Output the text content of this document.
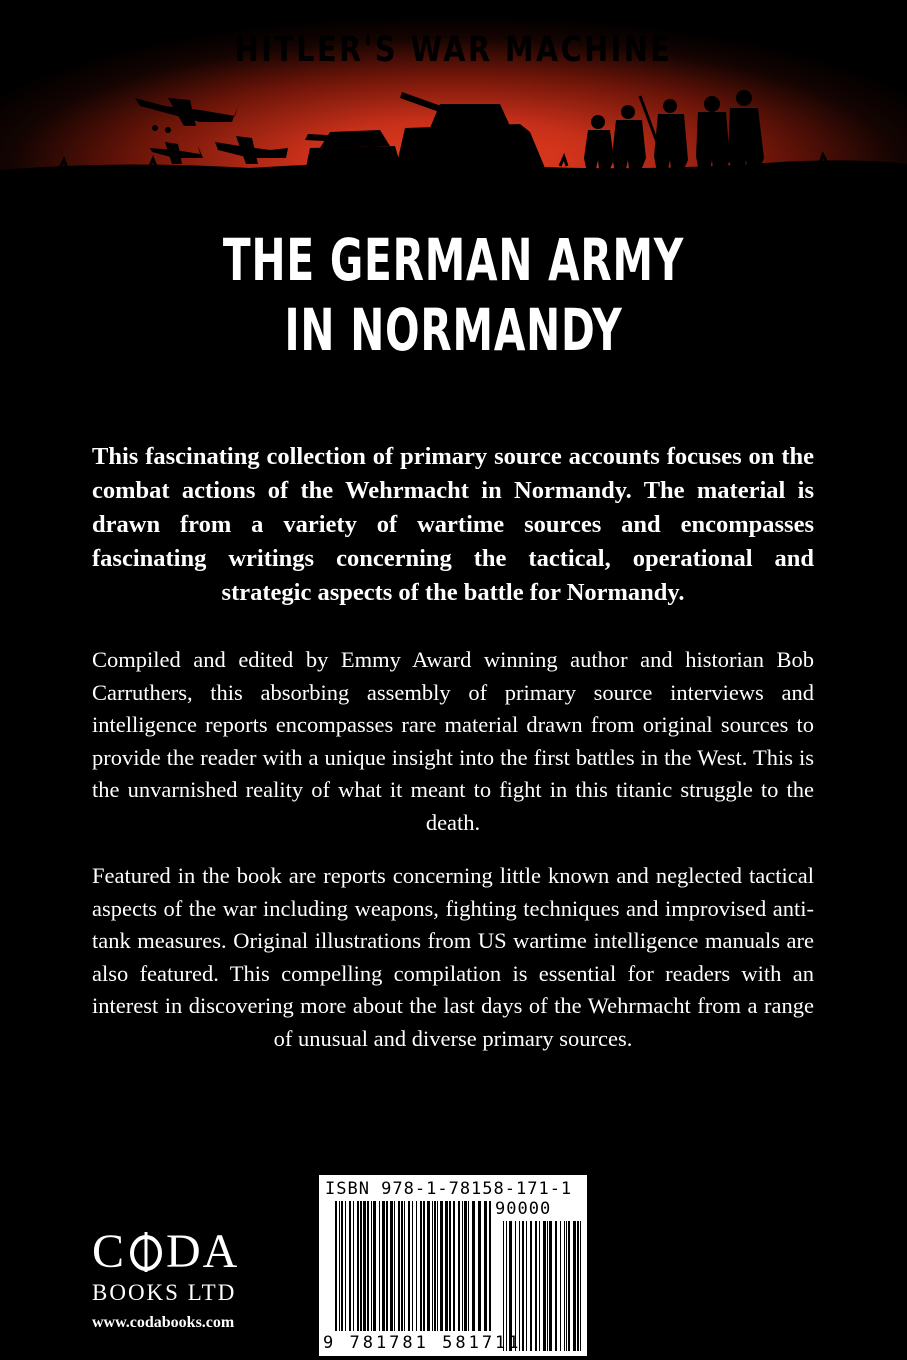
HITLER'S WAR MACHINE
THE GERMAN ARMY
IN NORMANDY
This fascinating collection of primary source accounts focuses on the combat actions of the Wehrmacht in Normandy. The material is drawn from a variety of wartime sources and encompasses fascinating writings concerning the tactical, operational and strategic aspects of the battle for Normandy.
Compiled and edited by Emmy Award winning author and historian Bob Carruthers, this absorbing assembly of primary source interviews and intelligence reports encompasses rare material drawn from original sources to provide the reader with a unique insight into the first battles in the West. This is the unvarnished reality of what it meant to fight in this titanic struggle to the death.
Featured in the book are reports concerning little known and neglected tactical aspects of the war including weapons, fighting techniques and improvised anti-tank measures. Original illustrations from US wartime intelligence manuals are also featured. This compelling compilation is essential for readers with an interest in discovering more about the last days of the Wehrmacht from a range of unusual and diverse primary sources.
C DA
BOOKS LTD
www.codabooks.com
ISBN 978-1-78158-171-1
90000
9 781781 581711
